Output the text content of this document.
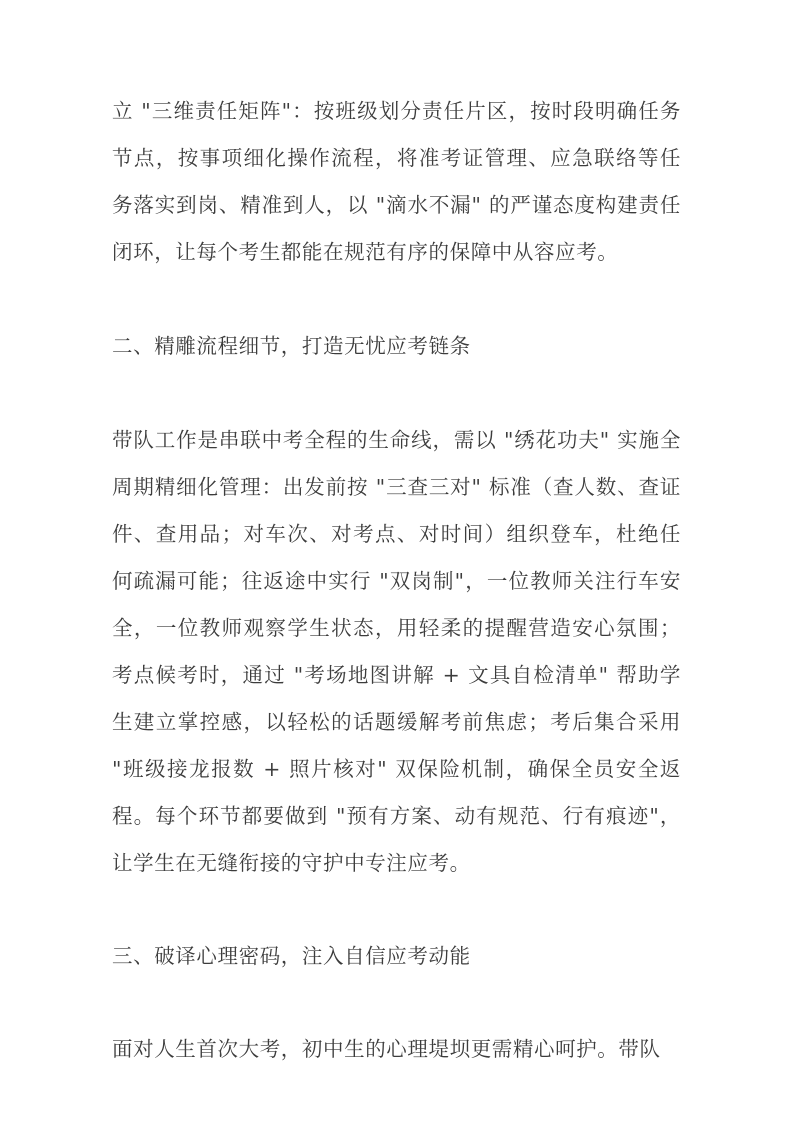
立 "三维责任矩阵"：按班级划分责任片区，按时段明确任务节点，按事项细化操作流程，将准考证管理、应急联络等任务落实到岗、精准到人，以 "滴水不漏" 的严谨态度构建责任闭环，让每个考生都能在规范有序的保障中从容应考。

二、精雕流程细节，打造无忧应考链条

带队工作是串联中考全程的生命线，需以 "绣花功夫" 实施全周期精细化管理：出发前按 "三查三对" 标准（查人数、查证件、查用品；对车次、对考点、对时间）组织登车，杜绝任何疏漏可能；往返途中实行 "双岗制"，一位教师关注行车安全，一位教师观察学生状态，用轻柔的提醒营造安心氛围；考点候考时，通过 "考场地图讲解 + 文具自检清单" 帮助学生建立掌控感，以轻松的话题缓解考前焦虑；考后集合采用 "班级接龙报数 + 照片核对" 双保险机制，确保全员安全返程。每个环节都要做到 "预有方案、动有规范、行有痕迹"，让学生在无缝衔接的守护中专注应考。

三、破译心理密码，注入自信应考动能

面对人生首次大考，初中生的心理堤坝更需精心呵护。带队
